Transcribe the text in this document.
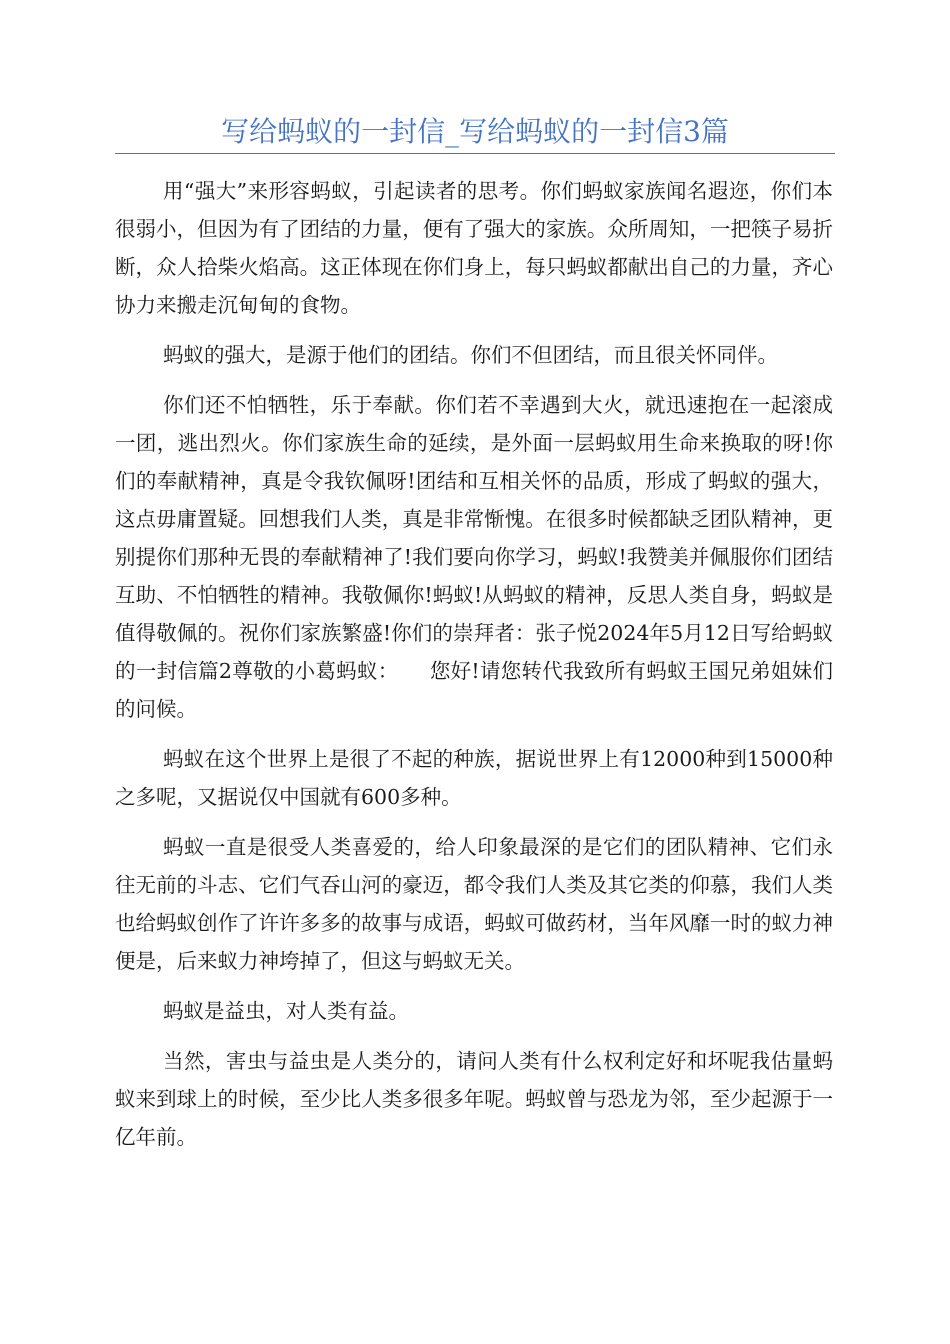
写给蚂蚁的一封信_写给蚂蚁的一封信3篇

用“强大”来形容蚂蚁，引起读者的思考。你们蚂蚁家族闻名遐迩，你们本很弱小，但因为有了团结的力量，便有了强大的家族。众所周知，一把筷子易折断，众人拾柴火焰高。这正体现在你们身上，每只蚂蚁都献出自己的力量，齐心协力来搬走沉甸甸的食物。

蚂蚁的强大，是源于他们的团结。你们不但团结，而且很关怀同伴。

你们还不怕牺牲，乐于奉献。你们若不幸遇到大火，就迅速抱在一起滚成一团，逃出烈火。你们家族生命的延续，是外面一层蚂蚁用生命来换取的呀!你们的奉献精神，真是令我钦佩呀!团结和互相关怀的品质，形成了蚂蚁的强大，这点毋庸置疑。回想我们人类，真是非常惭愧。在很多时候都缺乏团队精神，更别提你们那种无畏的奉献精神了!我们要向你学习，蚂蚁!我赞美并佩服你们团结互助、不怕牺牲的精神。我敬佩你!蚂蚁!从蚂蚁的精神，反思人类自身，蚂蚁是值得敬佩的。祝你们家族繁盛!你们的崇拜者：张子悦2024年5月12日写给蚂蚁的一封信篇2尊敬的小葛蚂蚁：　　您好!请您转代我致所有蚂蚁王国兄弟姐妹们的问候。

蚂蚁在这个世界上是很了不起的种族，据说世界上有12000种到15000种之多呢，又据说仅中国就有600多种。

蚂蚁一直是很受人类喜爱的，给人印象最深的是它们的团队精神、它们永往无前的斗志、它们气吞山河的豪迈，都令我们人类及其它类的仰慕，我们人类也给蚂蚁创作了许许多多的故事与成语，蚂蚁可做药材，当年风靡一时的蚁力神便是，后来蚁力神垮掉了，但这与蚂蚁无关。

蚂蚁是益虫，对人类有益。

当然，害虫与益虫是人类分的，请问人类有什么权利定好和坏呢我估量蚂蚁来到球上的时候，至少比人类多很多年呢。蚂蚁曾与恐龙为邻，至少起源于一亿年前。
